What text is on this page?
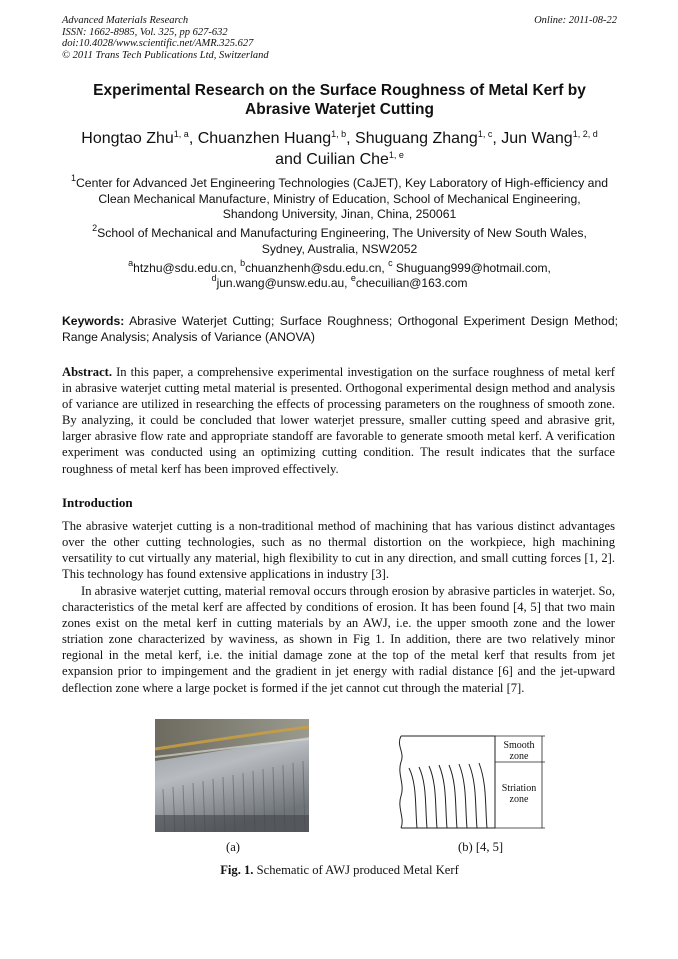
Advanced Materials Research
ISSN: 1662-8985, Vol. 325, pp 627-632
doi:10.4028/www.scientific.net/AMR.325.627
© 2011 Trans Tech Publications Ltd, Switzerland
Online: 2011-08-22
Experimental Research on the Surface Roughness of Metal Kerf by
Abrasive Waterjet Cutting
Hongtao Zhu$^{1, a}$, Chuanzhen Huang$^{1, b}$, Shuguang Zhang$^{1, c}$, Jun Wang$^{1, 2, d}$
and Cuilian Che$^{1, e}$
$^1$Center for Advanced Jet Engineering Technologies (CaJET), Key Laboratory of High-efficiency and
Clean Mechanical Manufacture, Ministry of Education, School of Mechanical Engineering,
Shandong University, Jinan, China, 250061
$^2$School of Mechanical and Manufacturing Engineering, The University of New South Wales,
Sydney, Australia, NSW2052
$^a$htzhu@sdu.edu.cn, $^b$chuanzhenh@sdu.edu.cn, $^c$ Shuguang999@hotmail.com,
$^d$jun.wang@unsw.edu.au, $^e$checuilian@163.com
Keywords: Abrasive Waterjet Cutting; Surface Roughness; Orthogonal Experiment Design Method; Range Analysis; Analysis of Variance (ANOVA)
Abstract. In this paper, a comprehensive experimental investigation on the surface roughness of metal kerf in abrasive waterjet cutting metal material is presented. Orthogonal experimental design method and analysis of variance are utilized in researching the effects of processing parameters on the roughness of smooth zone. By analyzing, it could be concluded that lower waterjet pressure, smaller cutting speed and abrasive grit, larger abrasive flow rate and appropriate standoff are favorable to generate smooth metal kerf. A verification experiment was conducted using an optimizing cutting condition. The result indicates that the surface roughness of metal kerf has been improved effectively.
Introduction
The abrasive waterjet cutting is a non-traditional method of machining that has various distinct advantages over the other cutting technologies, such as no thermal distortion on the workpiece, high machining versatility to cut virtually any material, high flexibility to cut in any direction, and small cutting forces [1, 2]. This technology has found extensive applications in industry [3].
In abrasive waterjet cutting, material removal occurs through erosion by abrasive particles in waterjet. So, characteristics of the metal kerf are affected by conditions of erosion. It has been found [4, 5] that two main zones exist on the metal kerf in cutting materials by an AWJ, i.e. the upper smooth zone and the lower striation zone characterized by waviness, as shown in Fig 1. In addition, there are two relatively minor regional in the metal kerf, i.e. the initial damage zone at the top of the metal kerf that results from jet expansion prior to impingement and the gradient in jet energy with radial distance [6] and the jet-upward deflection zone where a large pocket is formed if the jet cannot cut through the material [7].
Smooth
zone
Striation
zone
(a)	(b) [4, 5]
Fig. 1. Schematic of AWJ produced Metal Kerf
